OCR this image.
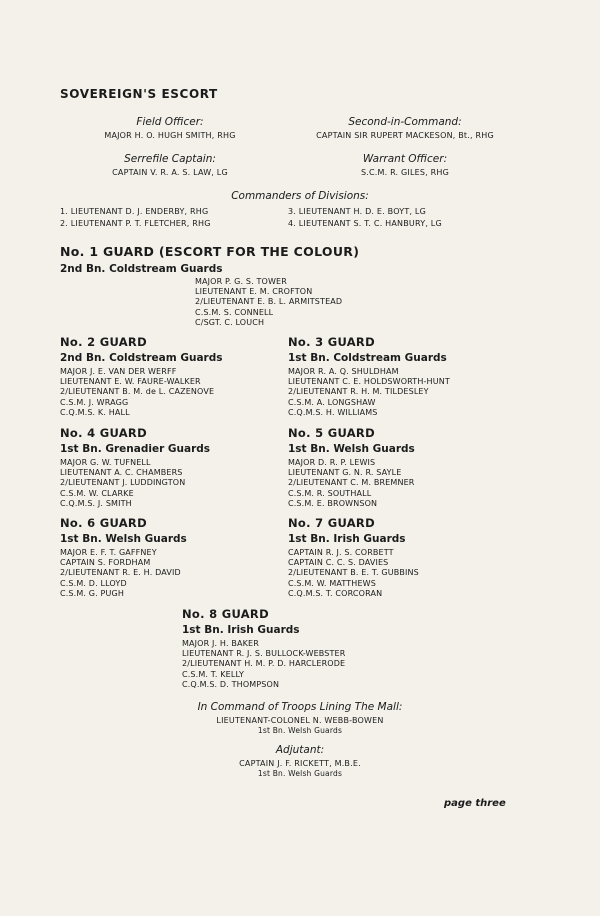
SOVEREIGN'S ESCORT
Field Officer:
MAJOR H. O. HUGH SMITH, RHG
Second-in-Command:
CAPTAIN SIR RUPERT MACKESON, Bt., RHG
Serrefile Captain:
CAPTAIN V. R. A. S. LAW, LG
Warrant Officer:
S.C.M. R. GILES, RHG
Commanders of Divisions:
1. LIEUTENANT D. J. ENDERBY, RHG
2. LIEUTENANT P. T. FLETCHER, RHG
3. LIEUTENANT H. D. E. BOYT, LG
4. LIEUTENANT S. T. C. HANBURY, LG
No. 1 GUARD (ESCORT FOR THE COLOUR)
2nd Bn. Coldstream Guards
MAJOR P. G. S. TOWER
LIEUTENANT E. M. CROFTON
2/LIEUTENANT E. B. L. ARMITSTEAD
C.S.M. S. CONNELL
C/SGT. C. LOUCH
No. 2 GUARD
2nd Bn. Coldstream Guards
MAJOR J. E. VAN DER WERFF
LIEUTENANT E. W. FAURE-WALKER
2/LIEUTENANT B. M. de L. CAZENOVE
C.S.M. J. WRAGG
C.Q.M.S. K. HALL
No. 3 GUARD
1st Bn. Coldstream Guards
MAJOR R. A. Q. SHULDHAM
LIEUTENANT C. E. HOLDSWORTH-HUNT
2/LIEUTENANT R. H. M. TILDESLEY
C.S.M. A. LONGSHAW
C.Q.M.S. H. WILLIAMS
No. 4 GUARD
1st Bn. Grenadier Guards
MAJOR G. W. TUFNELL
LIEUTENANT A. C. CHAMBERS
2/LIEUTENANT J. LUDDINGTON
C.S.M. W. CLARKE
C.Q.M.S. J. SMITH
No. 5 GUARD
1st Bn. Welsh Guards
MAJOR D. R. P. LEWIS
LIEUTENANT G. N. R. SAYLE
2/LIEUTENANT C. M. BREMNER
C.S.M. R. SOUTHALL
C.S.M. E. BROWNSON
No. 6 GUARD
1st Bn. Welsh Guards
MAJOR E. F. T. GAFFNEY
CAPTAIN S. FORDHAM
2/LIEUTENANT R. E. H. DAVID
C.S.M. D. LLOYD
C.S.M. G. PUGH
No. 7 GUARD
1st Bn. Irish Guards
CAPTAIN R. J. S. CORBETT
CAPTAIN C. C. S. DAVIES
2/LIEUTENANT B. E. T. GUBBINS
C.S.M. W. MATTHEWS
C.Q.M.S. T. CORCORAN
No. 8 GUARD
1st Bn. Irish Guards
MAJOR J. H. BAKER
LIEUTENANT R. J. S. BULLOCK-WEBSTER
2/LIEUTENANT H. M. P. D. HARCLERODE
C.S.M. T. KELLY
C.Q.M.S. D. THOMPSON
In Command of Troops Lining The Mall:
LIEUTENANT-COLONEL N. WEBB-BOWEN
1st Bn. Welsh Guards
Adjutant:
CAPTAIN J. F. RICKETT, M.B.E.
1st Bn. Welsh Guards
page three
